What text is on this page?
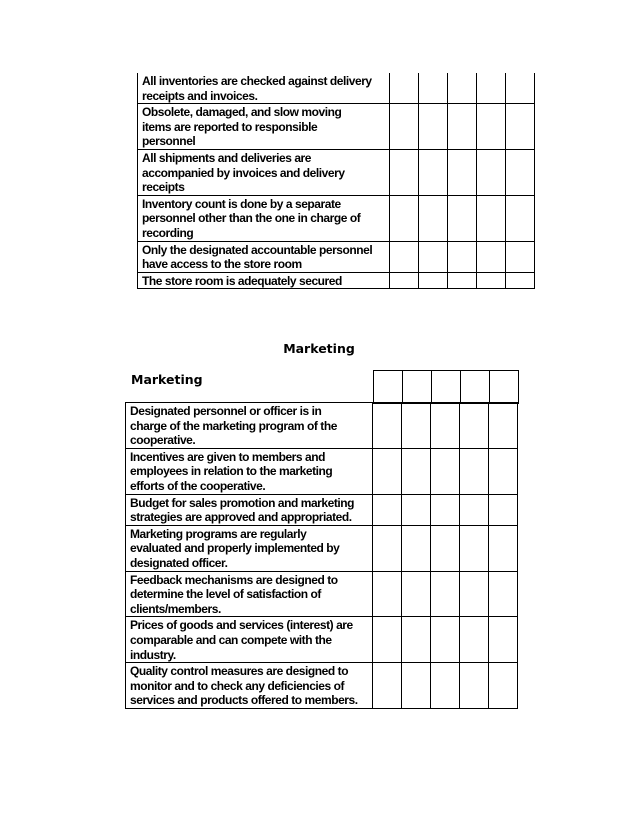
All inventories are checked against delivery
receipts and invoices.					

Obsolete, damaged, and slow moving
items are reported to responsible
personnel					

All shipments and deliveries are
accompanied by invoices and delivery
receipts					

Inventory count is done by a separate
personnel other than the one in charge of
recording					

Only the designated accountable personnel
have access to the store room					

The store room is adequately secured					

Marketing
Marketing

Designated personnel or officer is in
charge of the marketing program of the
cooperative.					

Incentives are given to members and
employees in relation to the marketing
efforts of the cooperative.					

Budget for sales promotion and marketing
strategies are approved and appropriated.					

Marketing programs are regularly
evaluated and properly implemented by
designated officer.					

Feedback mechanisms are designed to
determine the level of satisfaction of
clients/members.					

Prices of goods and services (interest) are
comparable and can compete with the
industry.					

Quality control measures are designed to
monitor and to check any deficiencies of
services and products offered to members.					
